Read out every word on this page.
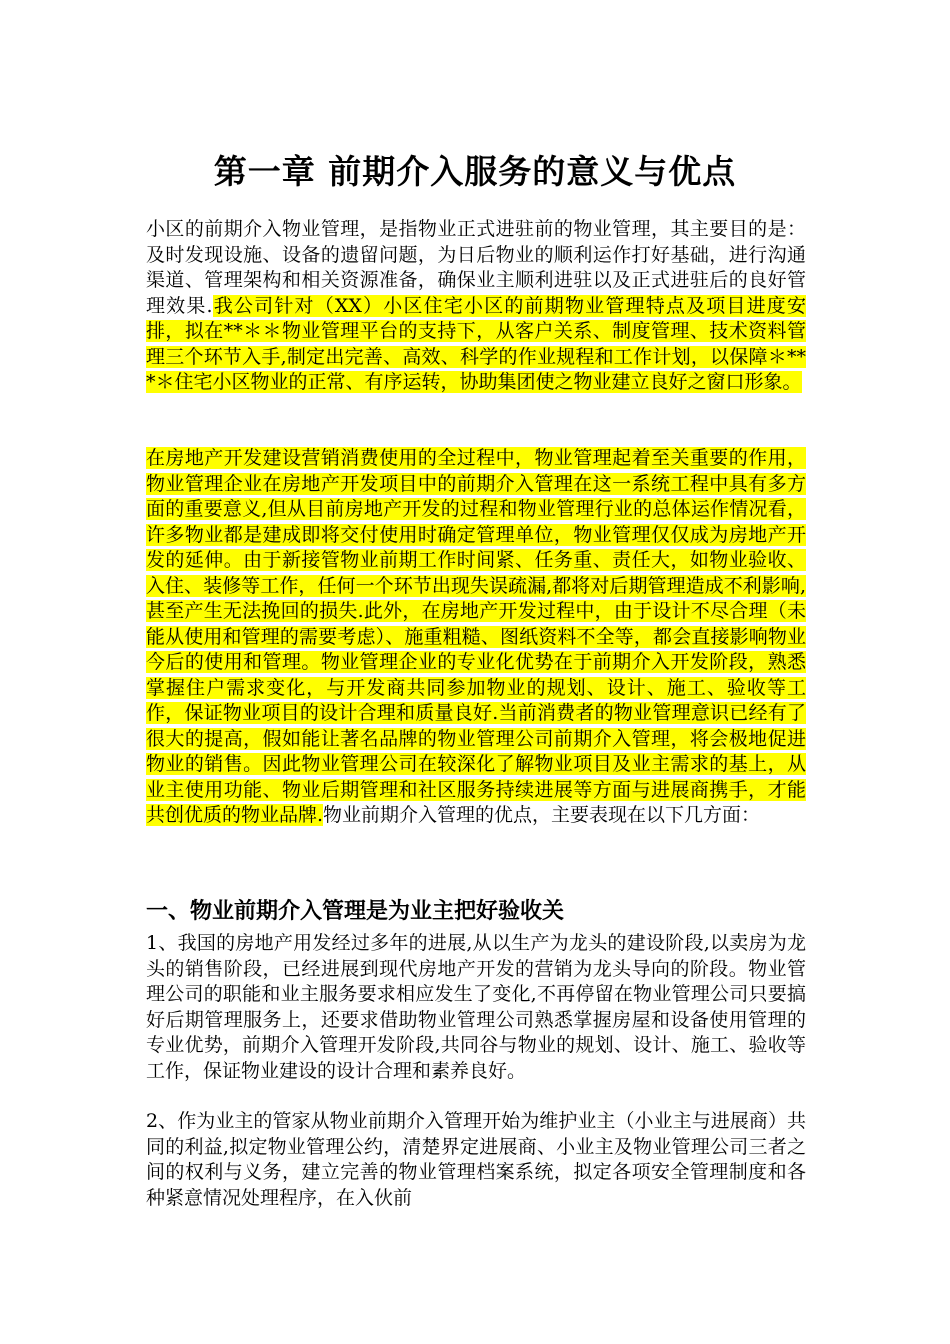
第一章 前期介入服务的意义与优点

小区的前期介入物业管理，是指物业正式进驻前的物业管理，其主要目的是：及时发现设施、设备的遗留问题，为日后物业的顺利运作打好基础，进行沟通渠道、管理架构和相关资源准备，确保业主顺利进驻以及正式进驻后的良好管理效果.我公司针对（XX）小区住宅小区的前期物业管理特点及项目进度安排，拟在**＊＊物业管理平台的支持下，从客户关系、制度管理、技术资料管理三个环节入手,制定出完善、高效、科学的作业规程和工作计划，以保障＊***＊住宅小区物业的正常、有序运转，协助集团使之物业建立良好之窗口形象。

在房地产开发建设营销消费使用的全过程中，物业管理起着至关重要的作用，物业管理企业在房地产开发项目中的前期介入管理在这一系统工程中具有多方面的重要意义,但从目前房地产开发的过程和物业管理行业的总体运作情况看，许多物业都是建成即将交付使用时确定管理单位，物业管理仅仅成为房地产开发的延伸。由于新接管物业前期工作时间紧、任务重、责任大，如物业验收、入住、装修等工作，任何一个环节出现失误疏漏,都将对后期管理造成不利影响,甚至产生无法挽回的损失.此外，在房地产开发过程中，由于设计不尽合理（未能从使用和管理的需要考虑）、施重粗糙、图纸资料不全等，都会直接影响物业今后的使用和管理。物业管理企业的专业化优势在于前期介入开发阶段，熟悉掌握住户需求变化，与开发商共同参加物业的规划、设计、施工、验收等工作，保证物业项目的设计合理和质量良好.当前消费者的物业管理意识已经有了很大的提高，假如能让著名品牌的物业管理公司前期介入管理，将会极地促进物业的销售。因此物业管理公司在较深化了解物业项目及业主需求的基上，从业主使用功能、物业后期管理和社区服务持续进展等方面与进展商携手，才能共创优质的物业品牌.物业前期介入管理的优点，主要表现在以下几方面：

一、物业前期介入管理是为业主把好验收关

1、我国的房地产用发经过多年的进展,从以生产为龙头的建设阶段,以卖房为龙头的销售阶段，已经进展到现代房地产开发的营销为龙头导向的阶段。物业管理公司的职能和业主服务要求相应发生了变化,不再停留在物业管理公司只要搞好后期管理服务上，还要求借助物业管理公司熟悉掌握房屋和设备使用管理的专业优势，前期介入管理开发阶段,共同谷与物业的规划、设计、施工、验收等工作，保证物业建设的设计合理和素养良好。

2、作为业主的管家从物业前期介入管理开始为维护业主（小业主与进展商）共同的利益,拟定物业管理公约，清楚界定进展商、小业主及物业管理公司三者之间的权利与义务，建立完善的物业管理档案系统，拟定各项安全管理制度和各种紧意情况处理程序，在入伙前
